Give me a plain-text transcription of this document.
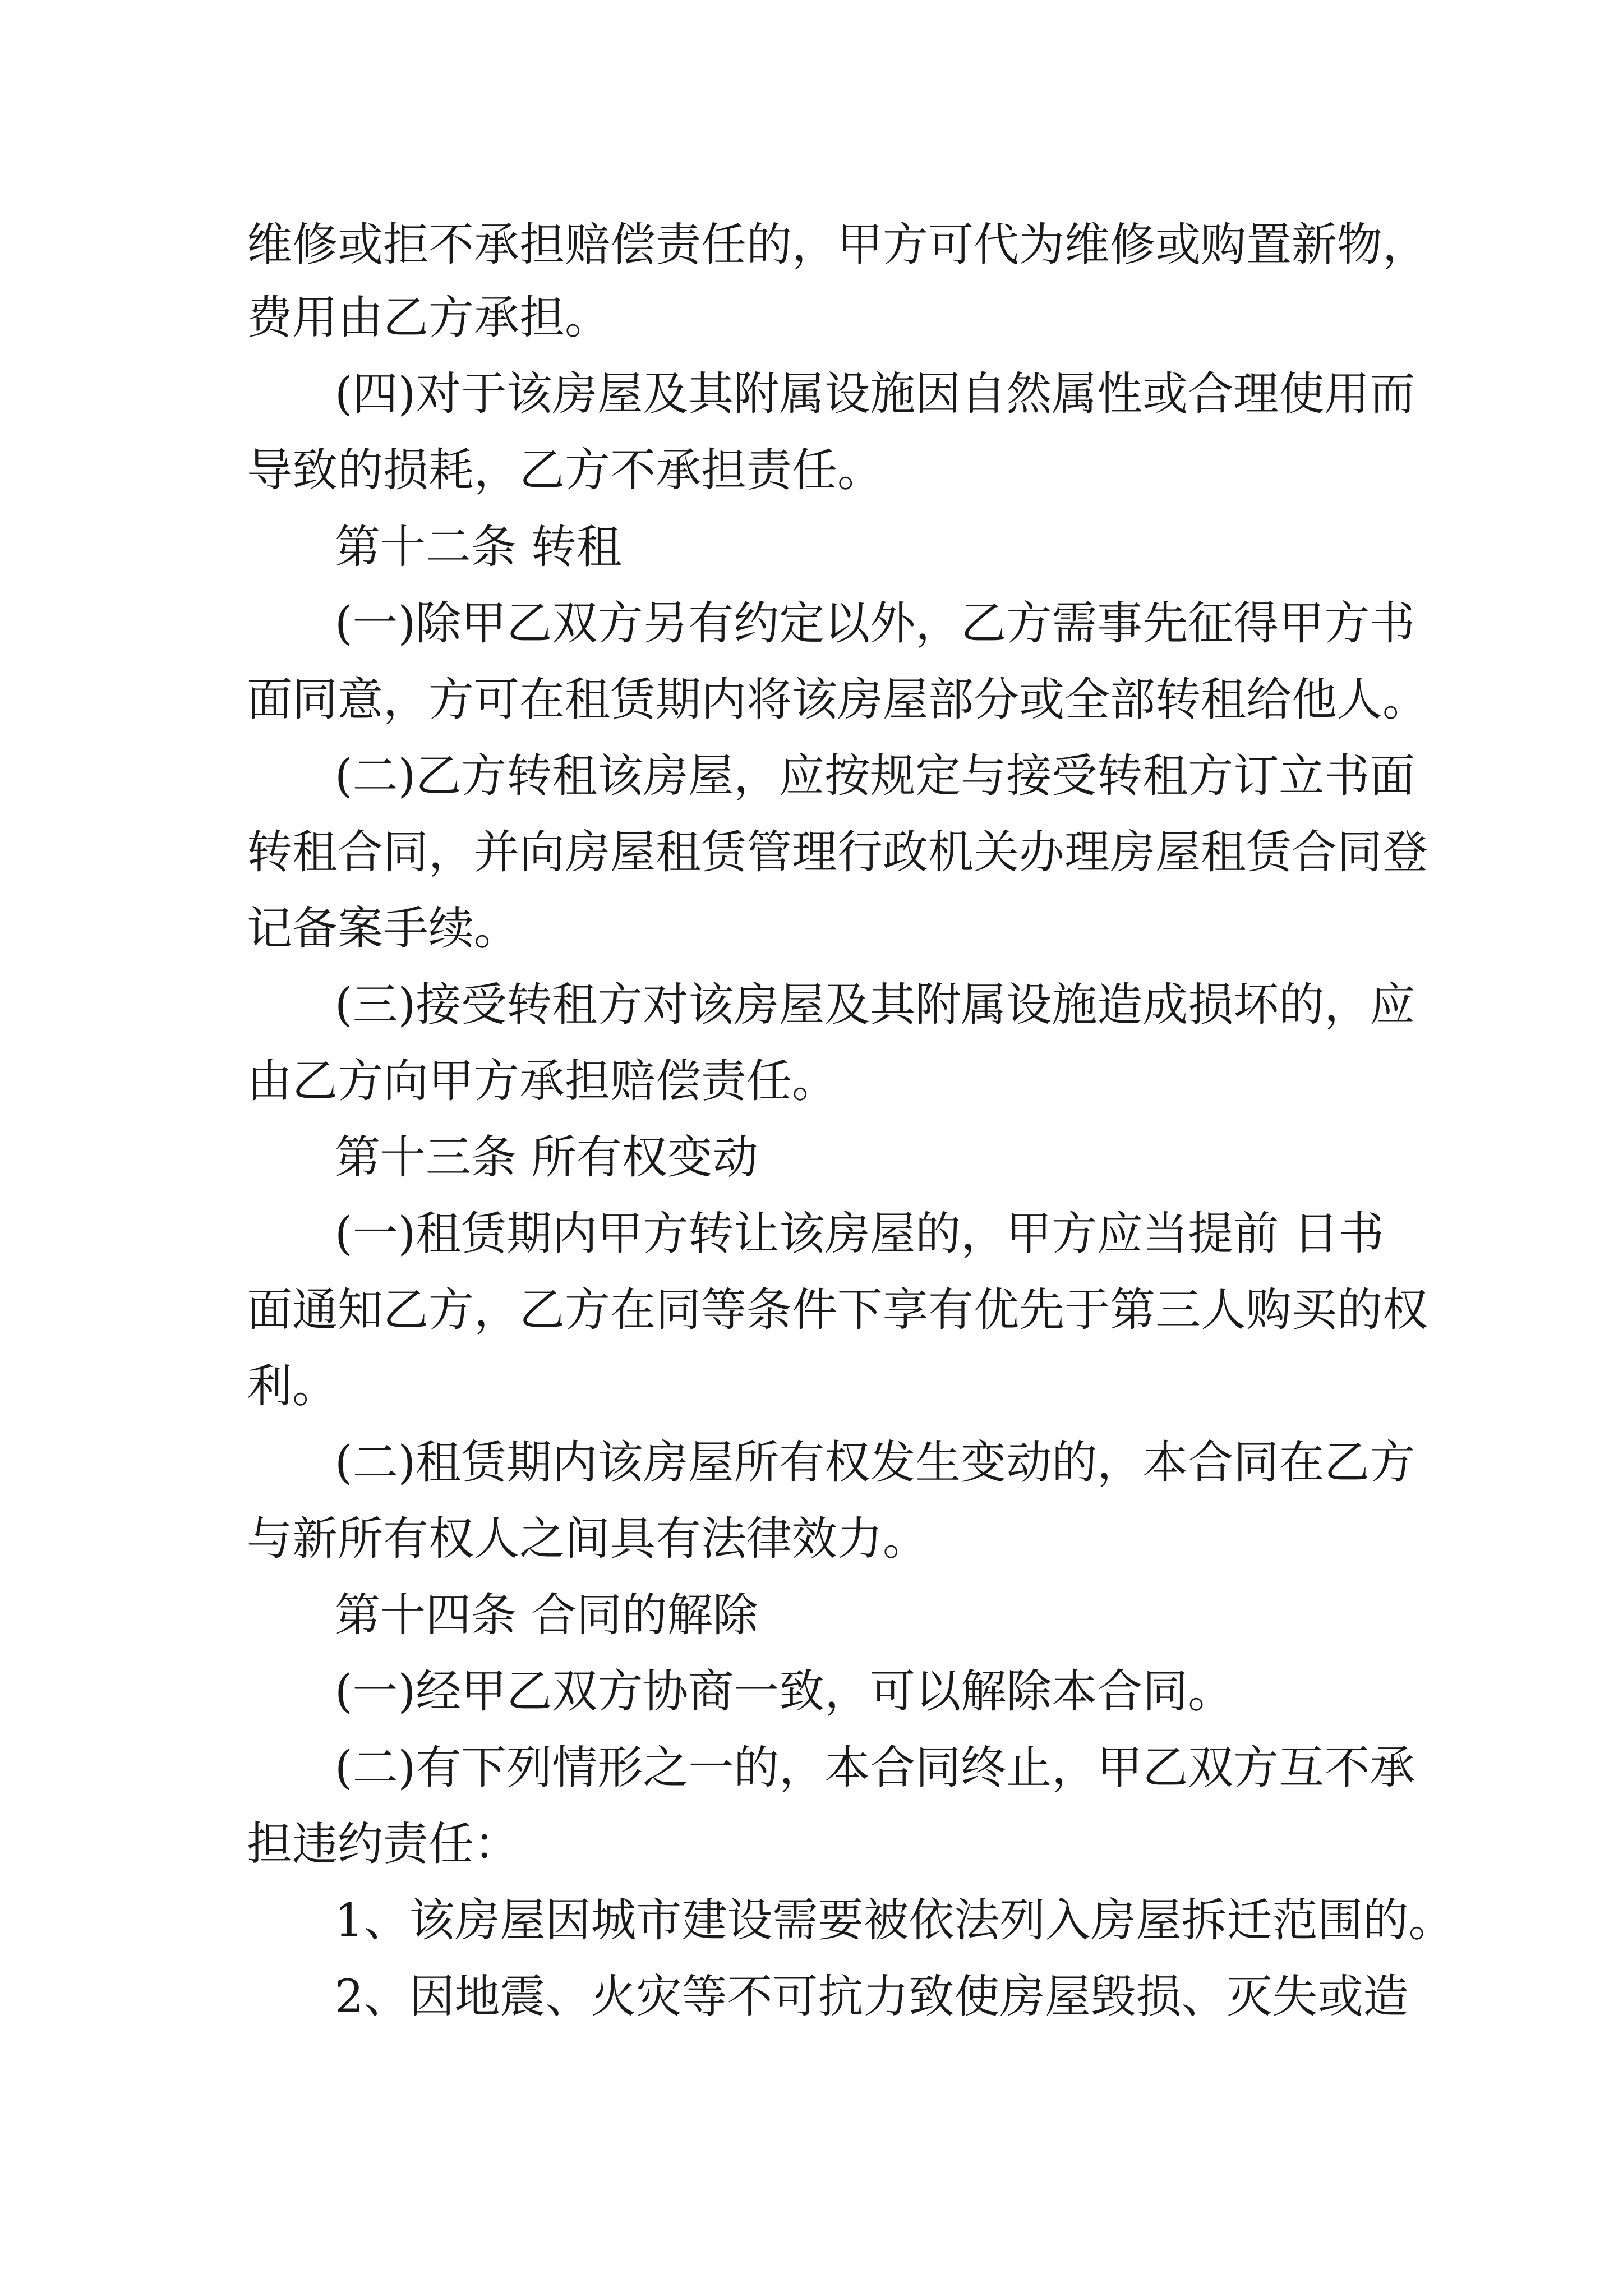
维修或拒不承担赔偿责任的，甲方可代为维修或购置新物，
费用由乙方承担。
(四)对于该房屋及其附属设施因自然属性或合理使用而
导致的损耗，乙方不承担责任。
第十二条 转租
(一)除甲乙双方另有约定以外，乙方需事先征得甲方书
面同意，方可在租赁期内将该房屋部分或全部转租给他人。
(二)乙方转租该房屋，应按规定与接受转租方订立书面
转租合同，并向房屋租赁管理行政机关办理房屋租赁合同登
记备案手续。
(三)接受转租方对该房屋及其附属设施造成损坏的，应
由乙方向甲方承担赔偿责任。
第十三条 所有权变动
(一)租赁期内甲方转让该房屋的，甲方应当提前 日书
面通知乙方，乙方在同等条件下享有优先于第三人购买的权
利。
(二)租赁期内该房屋所有权发生变动的，本合同在乙方
与新所有权人之间具有法律效力。
第十四条 合同的解除
(一)经甲乙双方协商一致，可以解除本合同。
(二)有下列情形之一的，本合同终止，甲乙双方互不承
担违约责任：
1、该房屋因城市建设需要被依法列入房屋拆迁范围的。
2、因地震、火灾等不可抗力致使房屋毁损、灭失或造
